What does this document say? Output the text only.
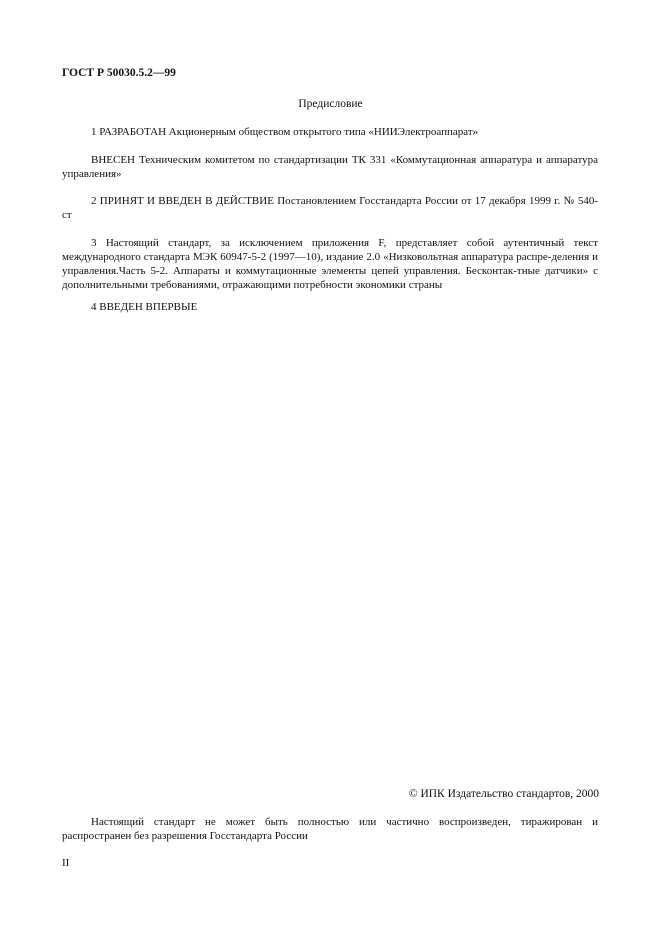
ГОСТ Р 50030.5.2—99
Предисловие

1 РАЗРАБОТАН Акционерным обществом открытого типа «НИИЭлектроаппарат»

ВНЕСЕН Техническим комитетом по стандартизации ТК 331 «Коммутационная аппаратура и аппаратура управления»

2 ПРИНЯТ И ВВЕДЕН В ДЕЙСТВИЕ Постановлением Госстандарта России от 17 декабря 1999 г. № 540-ст

3 Настоящий стандарт, за исключением приложения F, представляет собой аутентичный текст международного стандарта МЭК 60947-5-2 (1997—10), издание 2.0 «Низковольтная аппаратура распре-деления и управления.Часть 5-2. Аппараты и коммутационные элементы цепей управления. Бесконтак-тные датчики» с дополнительными требованиями, отражающими потребности экономики страны

4 ВВЕДЕН ВПЕРВЫЕ

© ИПК Издательство стандартов, 2000

Настоящий стандарт не может быть полностью или частично воспроизведен, тиражирован и распространен без разрешения Госстандарта России

II
